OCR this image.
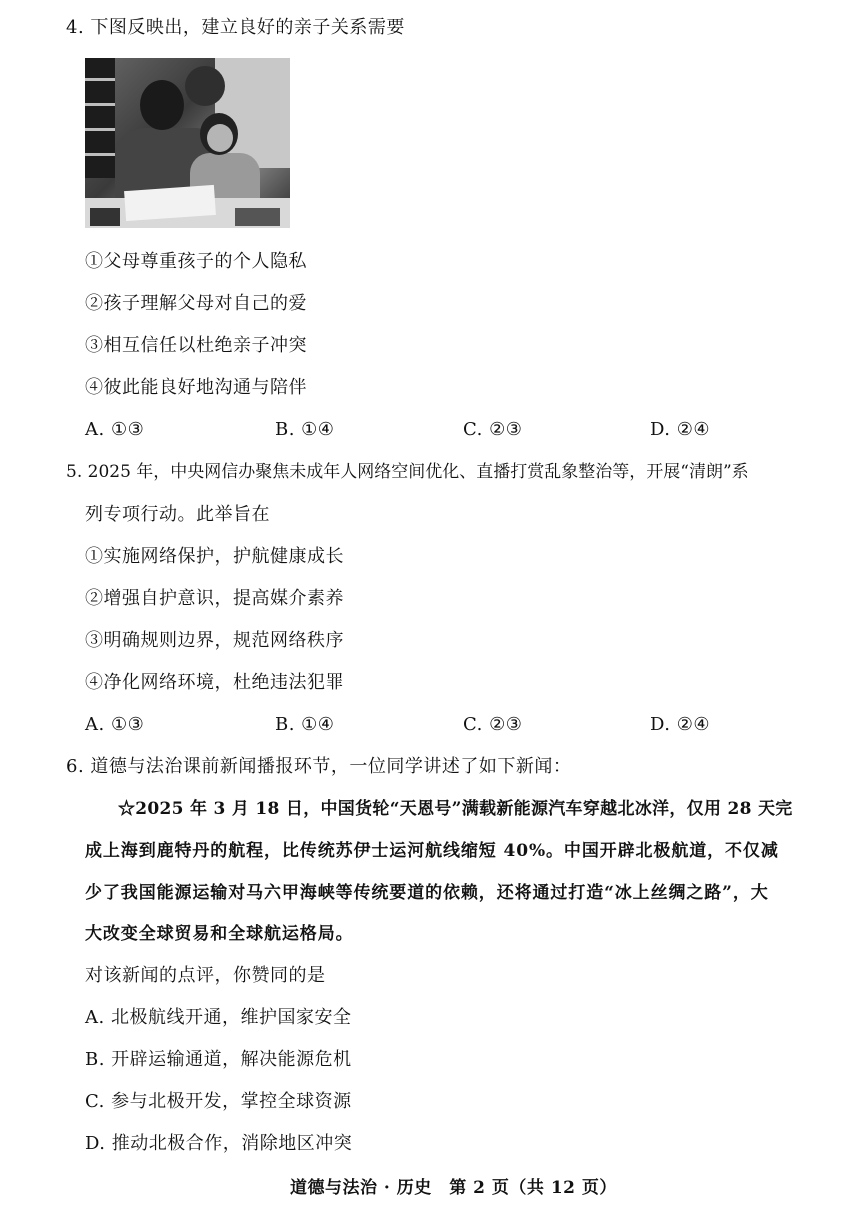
4. 下图反映出，建立良好的亲子关系需要
①父母尊重孩子的个人隐私
②孩子理解父母对自己的爱
③相互信任以杜绝亲子冲突
④彼此能良好地沟通与陪伴
A. ①③	B. ①④	C. ②③	D. ②④
5. 2025 年，中央网信办聚焦未成年人网络空间优化、直播打赏乱象整治等，开展“清朗”系
列专项行动。此举旨在
①实施网络保护，护航健康成长
②增强自护意识，提高媒介素养
③明确规则边界，规范网络秩序
④净化网络环境，杜绝违法犯罪
A. ①③	B. ①④	C. ②③	D. ②④
6. 道德与法治课前新闻播报环节，一位同学讲述了如下新闻：
☆2025 年 3 月 18 日，中国货轮“天恩号”满载新能源汽车穿越北冰洋，仅用 28 天完
成上海到鹿特丹的航程，比传统苏伊士运河航线缩短 40%。中国开辟北极航道，不仅减
少了我国能源运输对马六甲海峡等传统要道的依赖，还将通过打造“冰上丝绸之路”，大
大改变全球贸易和全球航运格局。
对该新闻的点评，你赞同的是
A. 北极航线开通，维护国家安全
B. 开辟运输通道，解决能源危机
C. 参与北极开发，掌控全球资源
D. 推动北极合作，消除地区冲突
道德与法治 · 历史　第 2 页（共 12 页）
